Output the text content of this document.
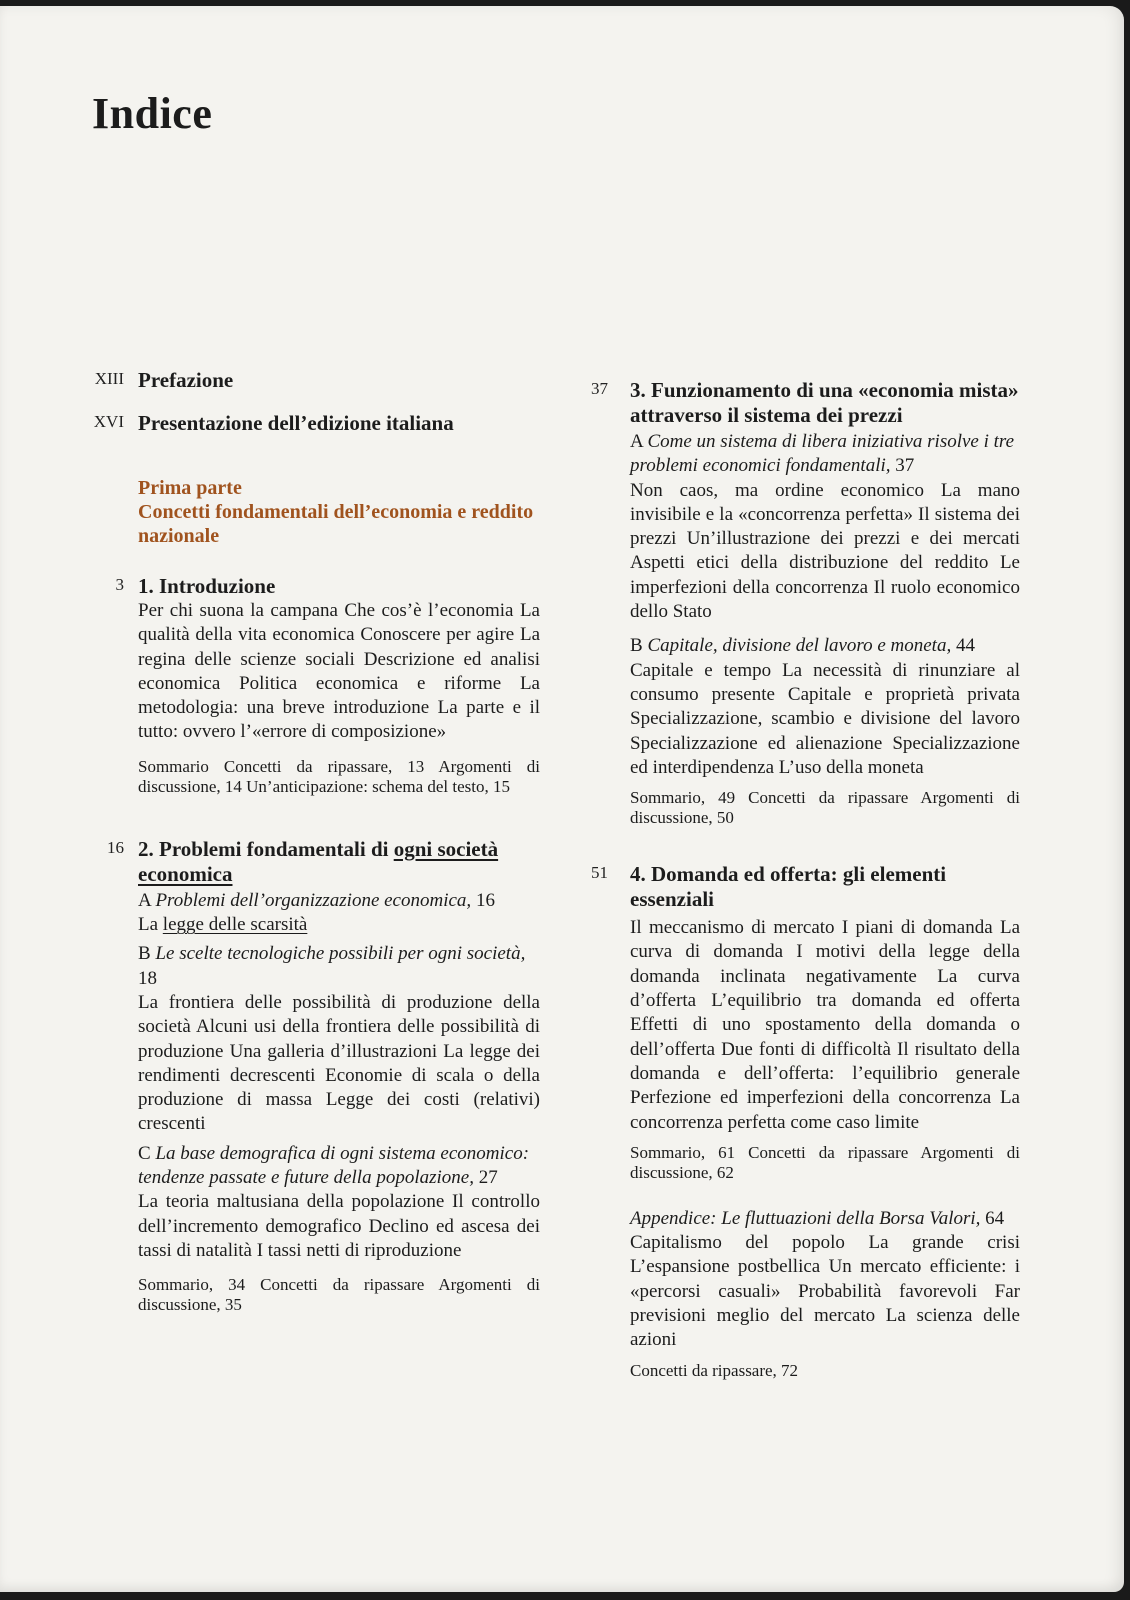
Indice
XIII Prefazione

XVI Presentazione dell’edizione italiana

Prima parte
Concetti fondamentali dell’economia e reddito nazionale
3 1. Introduzione

Per chi suona la campana Che cos’è l’economia La qualità della vita economica Conoscere per agire La regina delle scienze sociali Descrizione ed analisi economica Politica economica e riforme La metodologia: una breve introduzione La parte e il tutto: ovvero l’«errore di composizione»

Sommario Concetti da ripassare, 13 Argomenti di discussione, 14 Un’anticipazione: schema del testo, 15

16 2. Problemi fondamentali di ogni società economica

A Problemi dell’organizzazione economica, 16

La legge delle scarsità

B Le scelte tecnologiche possibili per ogni società, 18

La frontiera delle possibilità di produzione della società Alcuni usi della frontiera delle possibilità di produzione Una galleria d’illustrazioni La legge dei rendimenti decrescenti Economie di scala o della produzione di massa Legge dei costi (relativi) crescenti

C La base demografica di ogni sistema economico: tendenze passate e future della popolazione, 27

La teoria maltusiana della popolazione Il controllo dell’incremento demografico Declino ed ascesa dei tassi di natalità I tassi netti di riproduzione

Sommario, 34 Concetti da ripassare Argomenti di discussione, 35

37 3. Funzionamento di una «economia mista» attraverso il sistema dei prezzi

A Come un sistema di libera iniziativa risolve i tre problemi economici fondamentali, 37

Non caos, ma ordine economico La mano invisibile e la «concorrenza perfetta» Il sistema dei prezzi Un’illustrazione dei prezzi e dei mercati Aspetti etici della distribuzione del reddito Le imperfezioni della concorrenza Il ruolo economico dello Stato

B Capitale, divisione del lavoro e moneta, 44

Capitale e tempo La necessità di rinunziare al consumo presente Capitale e proprietà privata Specializzazione, scambio e divisione del lavoro Specializzazione ed alienazione Specializzazione ed interdipendenza L’uso della moneta

Sommario, 49 Concetti da ripassare Argomenti di discussione, 50

51 4. Domanda ed offerta: gli elementi essenziali

Il meccanismo di mercato I piani di domanda La curva di domanda I motivi della legge della domanda inclinata negativamente La curva d’offerta L’equilibrio tra domanda ed offerta Effetti di uno spostamento della domanda o dell’offerta Due fonti di difficoltà Il risultato della domanda e dell’offerta: l’equilibrio generale Perfezione ed imperfezioni della concorrenza La concorrenza perfetta come caso limite

Sommario, 61 Concetti da ripassare Argomenti di discussione, 62

Appendice: Le fluttuazioni della Borsa Valori, 64

Capitalismo del popolo La grande crisi L’espansione postbellica Un mercato efficiente: i «percorsi casuali» Probabilità favorevoli Far previsioni meglio del mercato La scienza delle azioni

Concetti da ripassare, 72
